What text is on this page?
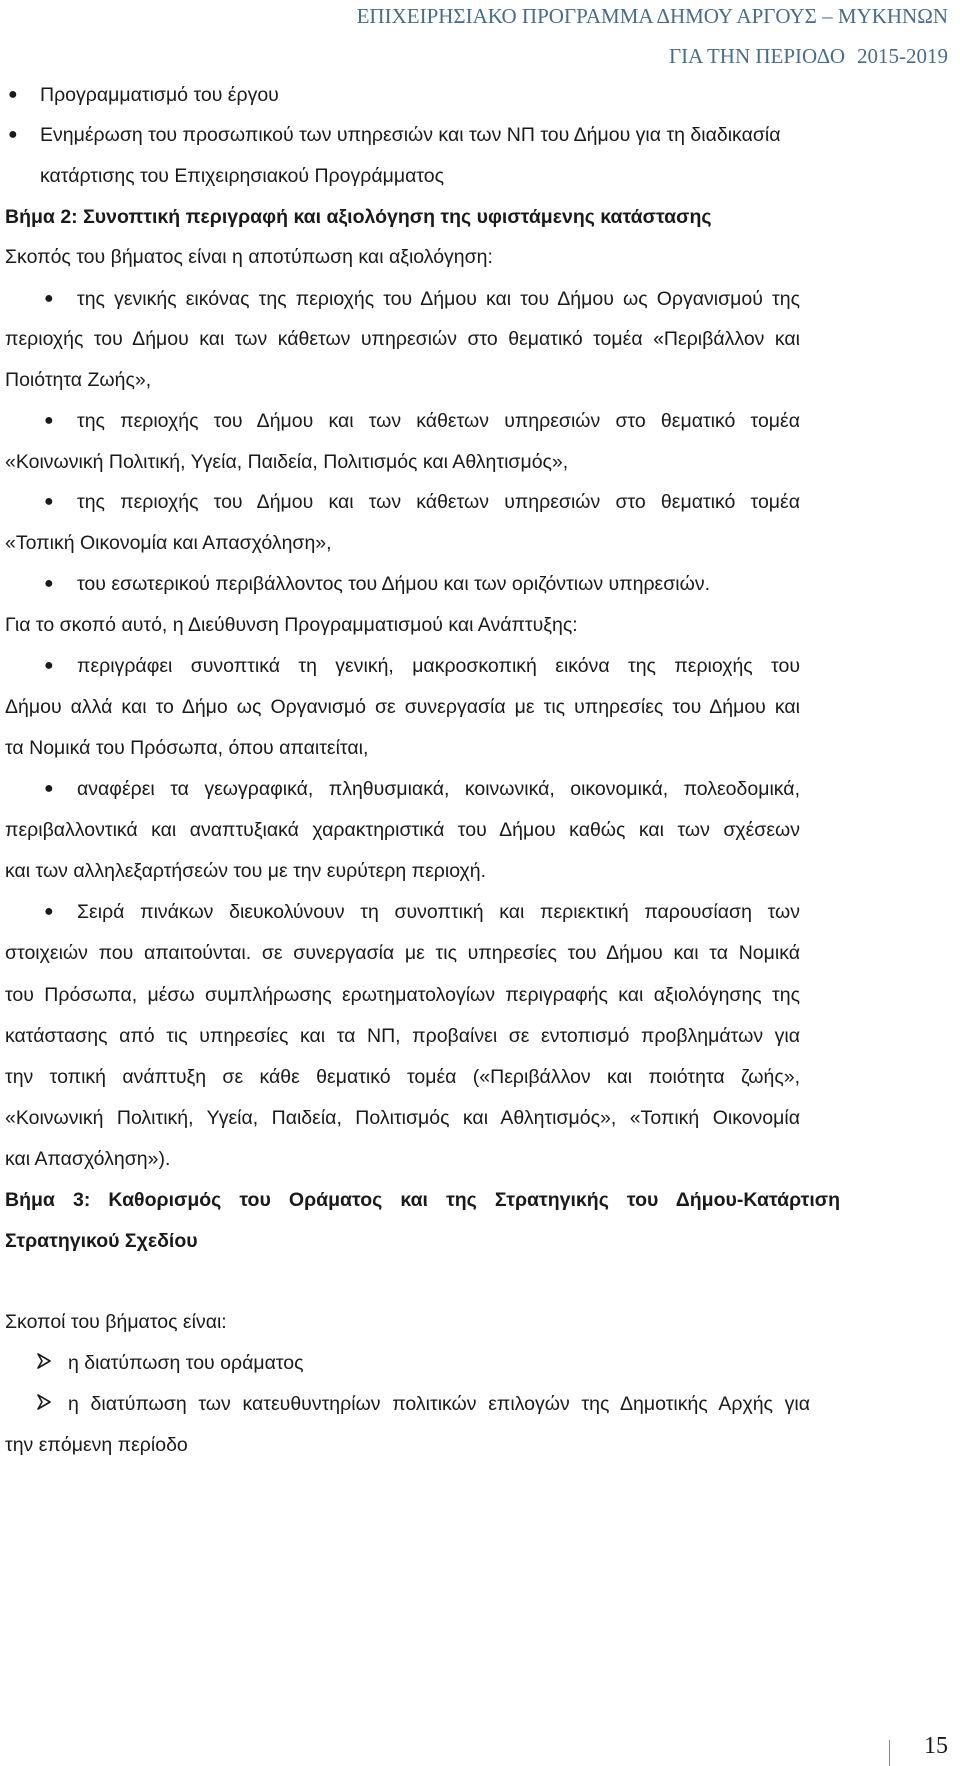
ΕΠΙΧΕΙΡΗΣΙΑΚΟ ΠΡΟΓΡΑΜΜΑ ΔΗΜΟΥ ΑΡΓΟΥΣ – ΜΥΚΗΝΩΝ
ΓΙΑ ΤΗΝ ΠΕΡΙΟΔΟ 2015-2019
● Προγραμματισμό του έργου
● Ενημέρωση του προσωπικού των υπηρεσιών και των ΝΠ του Δήμου για τη διαδικασία
κατάρτισης του Επιχειρησιακού Προγράμματος
Βήμα 2: Συνοπτική περιγραφή και αξιολόγηση της υφιστάμενης κατάστασης
Σκοπός του βήματος είναι η αποτύπωση και αξιολόγηση:
● της γενικής εικόνας της περιοχής του Δήμου και του Δήμου ως Οργανισμού της
περιοχής του Δήμου και των κάθετων υπηρεσιών στο θεματικό τομέα «Περιβάλλον και
Ποιότητα Ζωής»,
● της περιοχής του Δήμου και των κάθετων υπηρεσιών στο θεματικό τομέα
«Κοινωνική Πολιτική, Υγεία, Παιδεία, Πολιτισμός και Αθλητισμός»,
● της περιοχής του Δήμου και των κάθετων υπηρεσιών στο θεματικό τομέα
«Τοπική Οικονομία και Απασχόληση»,
● του εσωτερικού περιβάλλοντος του Δήμου και των οριζόντιων υπηρεσιών.
Για το σκοπό αυτό, η Διεύθυνση Προγραμματισμού και Ανάπτυξης:
● περιγράφει συνοπτικά τη γενική, μακροσκοπική εικόνα της περιοχής του
Δήμου αλλά και το Δήμο ως Οργανισμό σε συνεργασία με τις υπηρεσίες του Δήμου και
τα Νομικά του Πρόσωπα, όπου απαιτείται,
● αναφέρει τα γεωγραφικά, πληθυσμιακά, κοινωνικά, οικονομικά, πολεοδομικά,
περιβαλλοντικά και αναπτυξιακά χαρακτηριστικά του Δήμου καθώς και των σχέσεων
και των αλληλεξαρτήσεών του με την ευρύτερη περιοχή.
● Σειρά πινάκων διευκολύνουν τη συνοπτική και περιεκτική παρουσίαση των
στοιχειών που απαιτούνται. σε συνεργασία με τις υπηρεσίες του Δήμου και τα Νομικά
του Πρόσωπα, μέσω συμπλήρωσης ερωτηματολογίων περιγραφής και αξιολόγησης της
κατάστασης από τις υπηρεσίες και τα ΝΠ, προβαίνει σε εντοπισμό προβλημάτων για
την τοπική ανάπτυξη σε κάθε θεματικό τομέα («Περιβάλλον και ποιότητα ζωής»,
«Κοινωνική Πολιτική, Υγεία, Παιδεία, Πολιτισμός και Αθλητισμός», «Τοπική Οικονομία
και Απασχόληση»).
Βήμα 3: Καθορισμός του Οράματος και της Στρατηγικής του Δήμου-Κατάρτιση
Στρατηγικού Σχεδίου
Σκοποί του βήματος είναι:
η διατύπωση του οράματος
η διατύπωση των κατευθυντηρίων πολιτικών επιλογών της Δημοτικής Αρχής για
την επόμενη περίοδο
15
